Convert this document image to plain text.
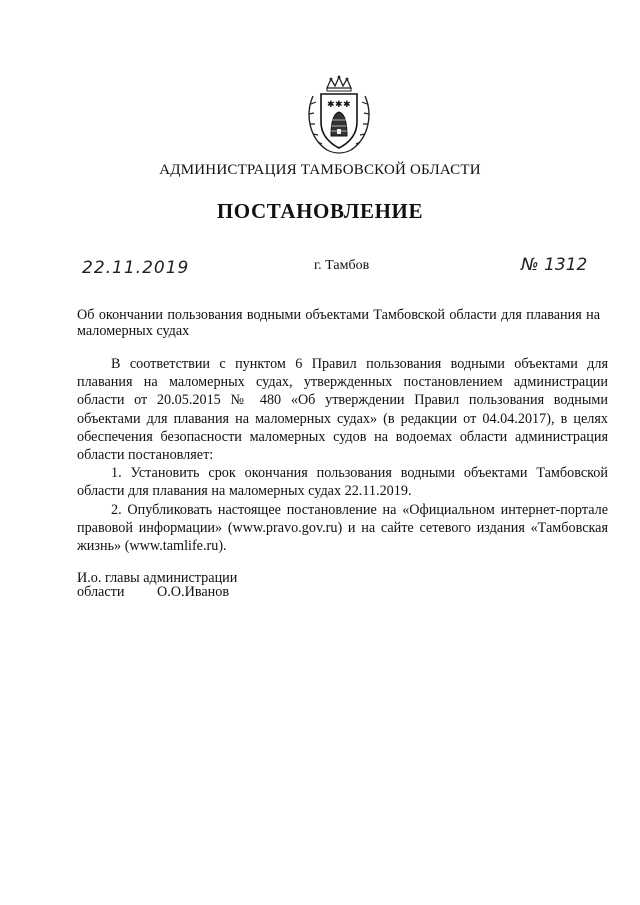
✱ ✱ ✱
АДМИНИСТРАЦИЯ ТАМБОВСКОЙ ОБЛАСТИ
ПОСТАНОВЛЕНИЕ
22.11.2019	г. Тамбов	№ 1312
Об окончании пользования водными объектами Тамбовской области для плавания на маломерных судах

В соответствии с пунктом 6 Правил пользования водными объектами для плавания на маломерных судах, утвержденных постановлением администрации области от 20.05.2015 № 480 «Об утверждении Правил пользования водными объектами для плавания на маломерных судах» (в редакции от 04.04.2017), в целях обеспечения безопасности маломерных судов на водоемах области администрация области постановляет:

1. Установить срок окончания пользования водными объектами Тамбовской области для плавания на маломерных судах 22.11.2019.

2. Опубликовать настоящее постановление на «Официальном интернет-портале правовой информации» (www.pravo.gov.ru) и на сайте сетевого издания «Тамбовская жизнь» (www.tamlife.ru).

И.о. главы администрации
области О.О.Иванов
